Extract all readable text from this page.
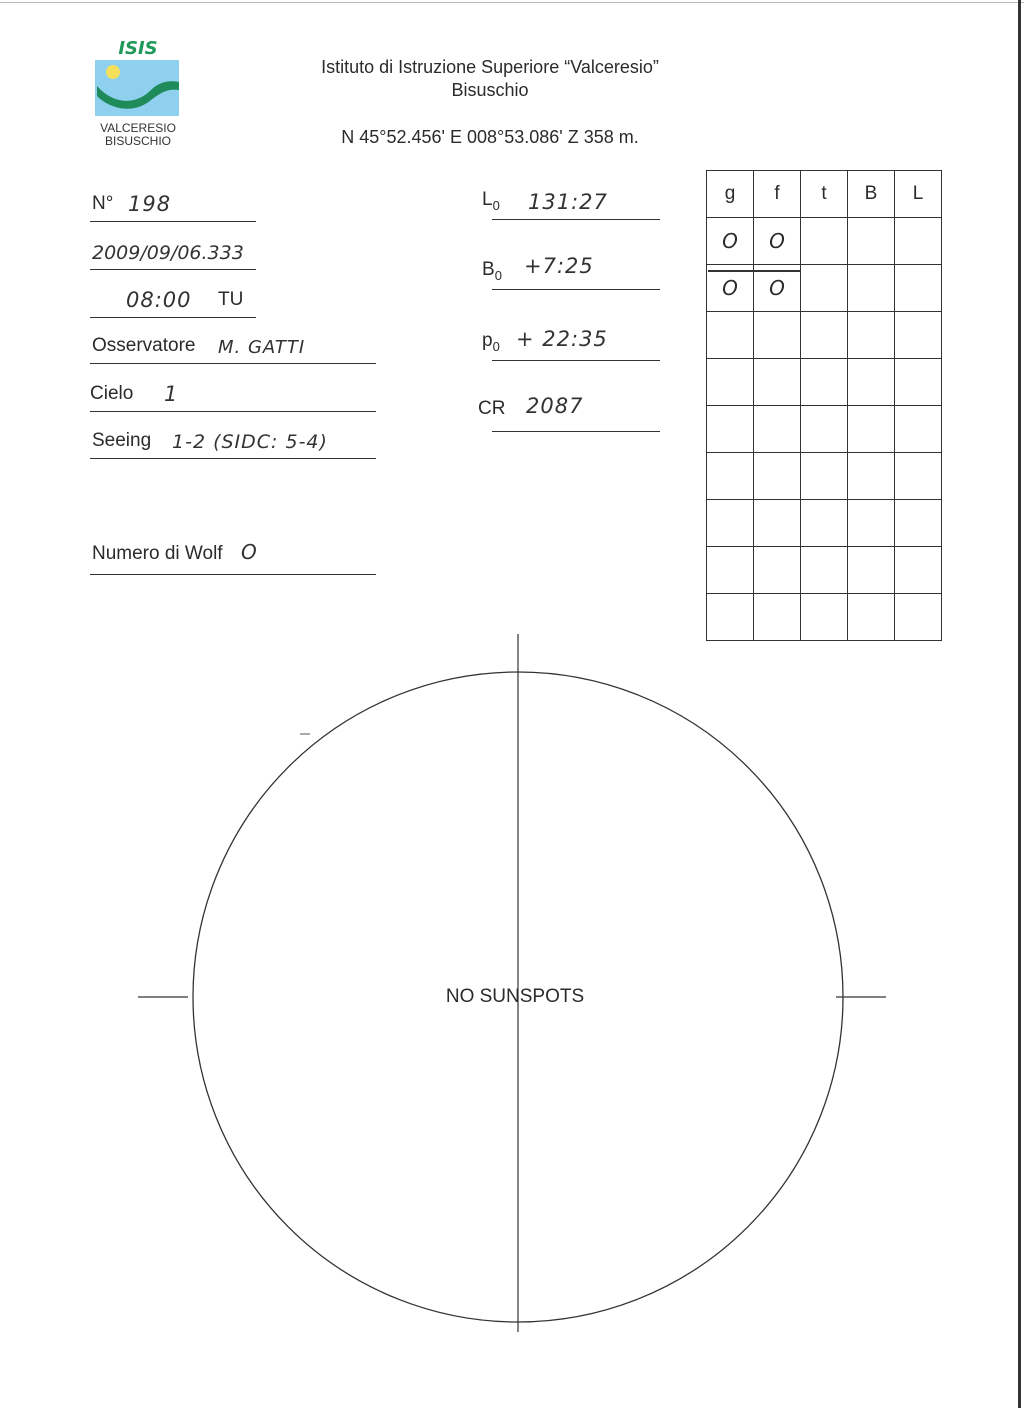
ISIS
VALCERESIO
BISUSCHIO
Istituto di Istruzione Superiore “Valceresio”
Bisuschio
N 45°52.456' E 008°53.086' Z 358 m.
N° 198
2009/09/06.333
08:00 TU
Osservatore M. GATTI
Cielo 1
Seeing 1-2 (SIDC: 5-4)
Numero di Wolf O
$L_0$ 131:27
$B_0$ +7:25
$p_0$ + 22:35
CR 2087
g	f	t	B	L
O	O			
O	O			

NO SUNSPOTS
